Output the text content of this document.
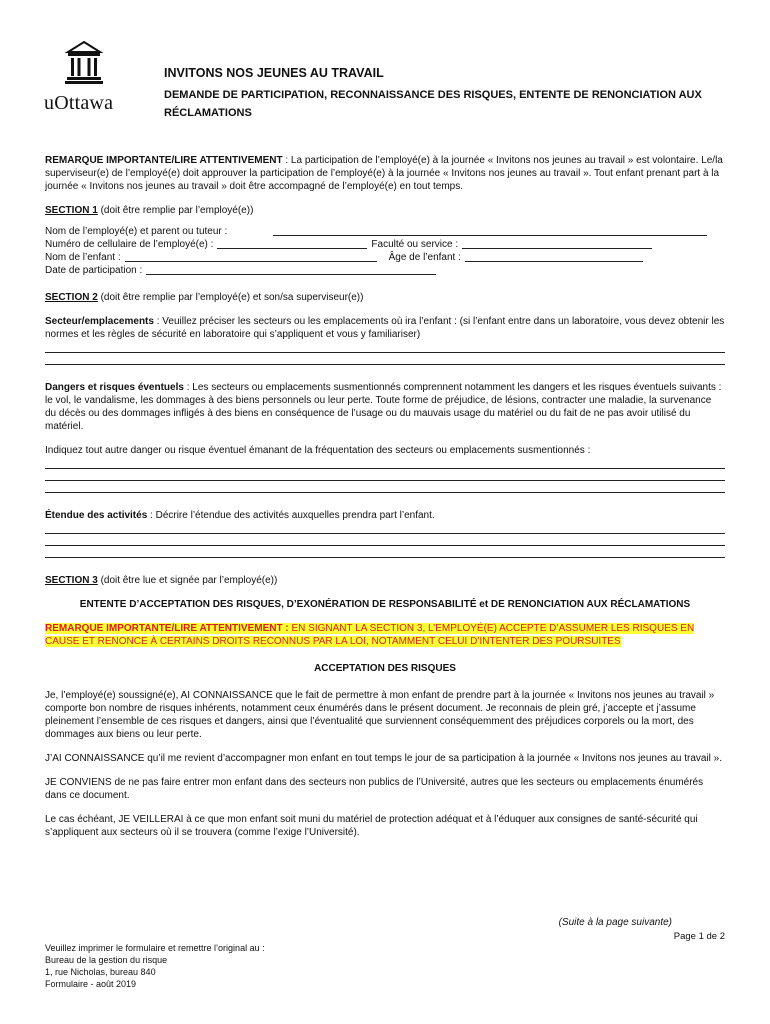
uOttawa
INVITONS NOS JEUNES AU TRAVAIL
DEMANDE DE PARTICIPATION, RECONNAISSANCE DES RISQUES, ENTENTE DE RENONCIATION AUX RÉCLAMATIONS

REMARQUE IMPORTANTE/LIRE ATTENTIVEMENT : La participation de l’employé(e) à la journée « Invitons nos jeunes au travail » est volontaire. Le/la superviseur(e) de l’employé(e) doit approuver la participation de l’employé(e) à la journée « Invitons nos jeunes au travail ». Tout enfant prenant part à la journée « Invitons nos jeunes au travail » doit être accompagné de l’employé(e) en tout temps.

SECTION 1 (doit être remplie par l’employé(e))

Nom de l’employé(e) et parent ou tuteur :
Numéro de cellulaire de l’employé(e) :	Faculté ou service :
Nom de l’enfant :	Âge de l’enfant :
Date de participation :

SECTION 2 (doit être remplie par l’employé(e) et son/sa superviseur(e))

Secteur/emplacements : Veuillez préciser les secteurs ou les emplacements où ira l’enfant : (si l’enfant entre dans un laboratoire, vous devez obtenir les normes et les règles de sécurité en laboratoire qui s’appliquent et vous y familiariser)

Dangers et risques éventuels : Les secteurs ou emplacements susmentionnés comprennent notamment les dangers et les risques éventuels suivants : le vol, le vandalisme, les dommages à des biens personnels ou leur perte. Toute forme de préjudice, de lésions, contracter une maladie, la survenance du décès ou des dommages infligés à des biens en conséquence de l’usage ou du mauvais usage du matériel ou du fait de ne pas avoir utilisé du matériel.

Indiquez tout autre danger ou risque éventuel émanant de la fréquentation des secteurs ou emplacements susmentionnés :

Étendue des activités : Décrire l’étendue des activités auxquelles prendra part l’enfant.

SECTION 3 (doit être lue et signée par l’employé(e))

ENTENTE D’ACCEPTATION DES RISQUES, D’EXONÉRATION DE RESPONSABILITÉ et DE RENONCIATION AUX RÉCLAMATIONS

REMARQUE IMPORTANTE/LIRE ATTENTIVEMENT : EN SIGNANT LA SECTION 3, L’EMPLOYÉ(E) ACCEPTE D’ASSUMER LES RISQUES EN CAUSE ET RENONCE À CERTAINS DROITS RECONNUS PAR LA LOI, NOTAMMENT CELUI D’INTENTER DES POURSUITES

ACCEPTATION DES RISQUES

Je, l’employé(e) soussigné(e), AI CONNAISSANCE que le fait de permettre à mon enfant de prendre part à la journée « Invitons nos jeunes au travail » comporte bon nombre de risques inhérents, notamment ceux énumérés dans le présent document. Je reconnais de plein gré, j’accepte et j’assume pleinement l’ensemble de ces risques et dangers, ainsi que l’éventualité que surviennent conséquemment des préjudices corporels ou la mort, des dommages aux biens ou leur perte.

J’AI CONNAISSANCE qu’il me revient d’accompagner mon enfant en tout temps le jour de sa participation à la journée « Invitons nos jeunes au travail ».

JE CONVIENS de ne pas faire entrer mon enfant dans des secteurs non publics de l’Université, autres que les secteurs ou emplacements énumérés dans ce document.

Le cas échéant, JE VEILLERAI à ce que mon enfant soit muni du matériel de protection adéquat et à l’éduquer aux consignes de santé-sécurité qui s’appliquent aux secteurs où il se trouvera (comme l’exige l’Université).

(Suite à la page suivante)
Page 1 de 2
Veuillez imprimer le formulaire et remettre l’original au :
Bureau de la gestion du risque
1, rue Nicholas, bureau 840
Formulaire - août 2019
